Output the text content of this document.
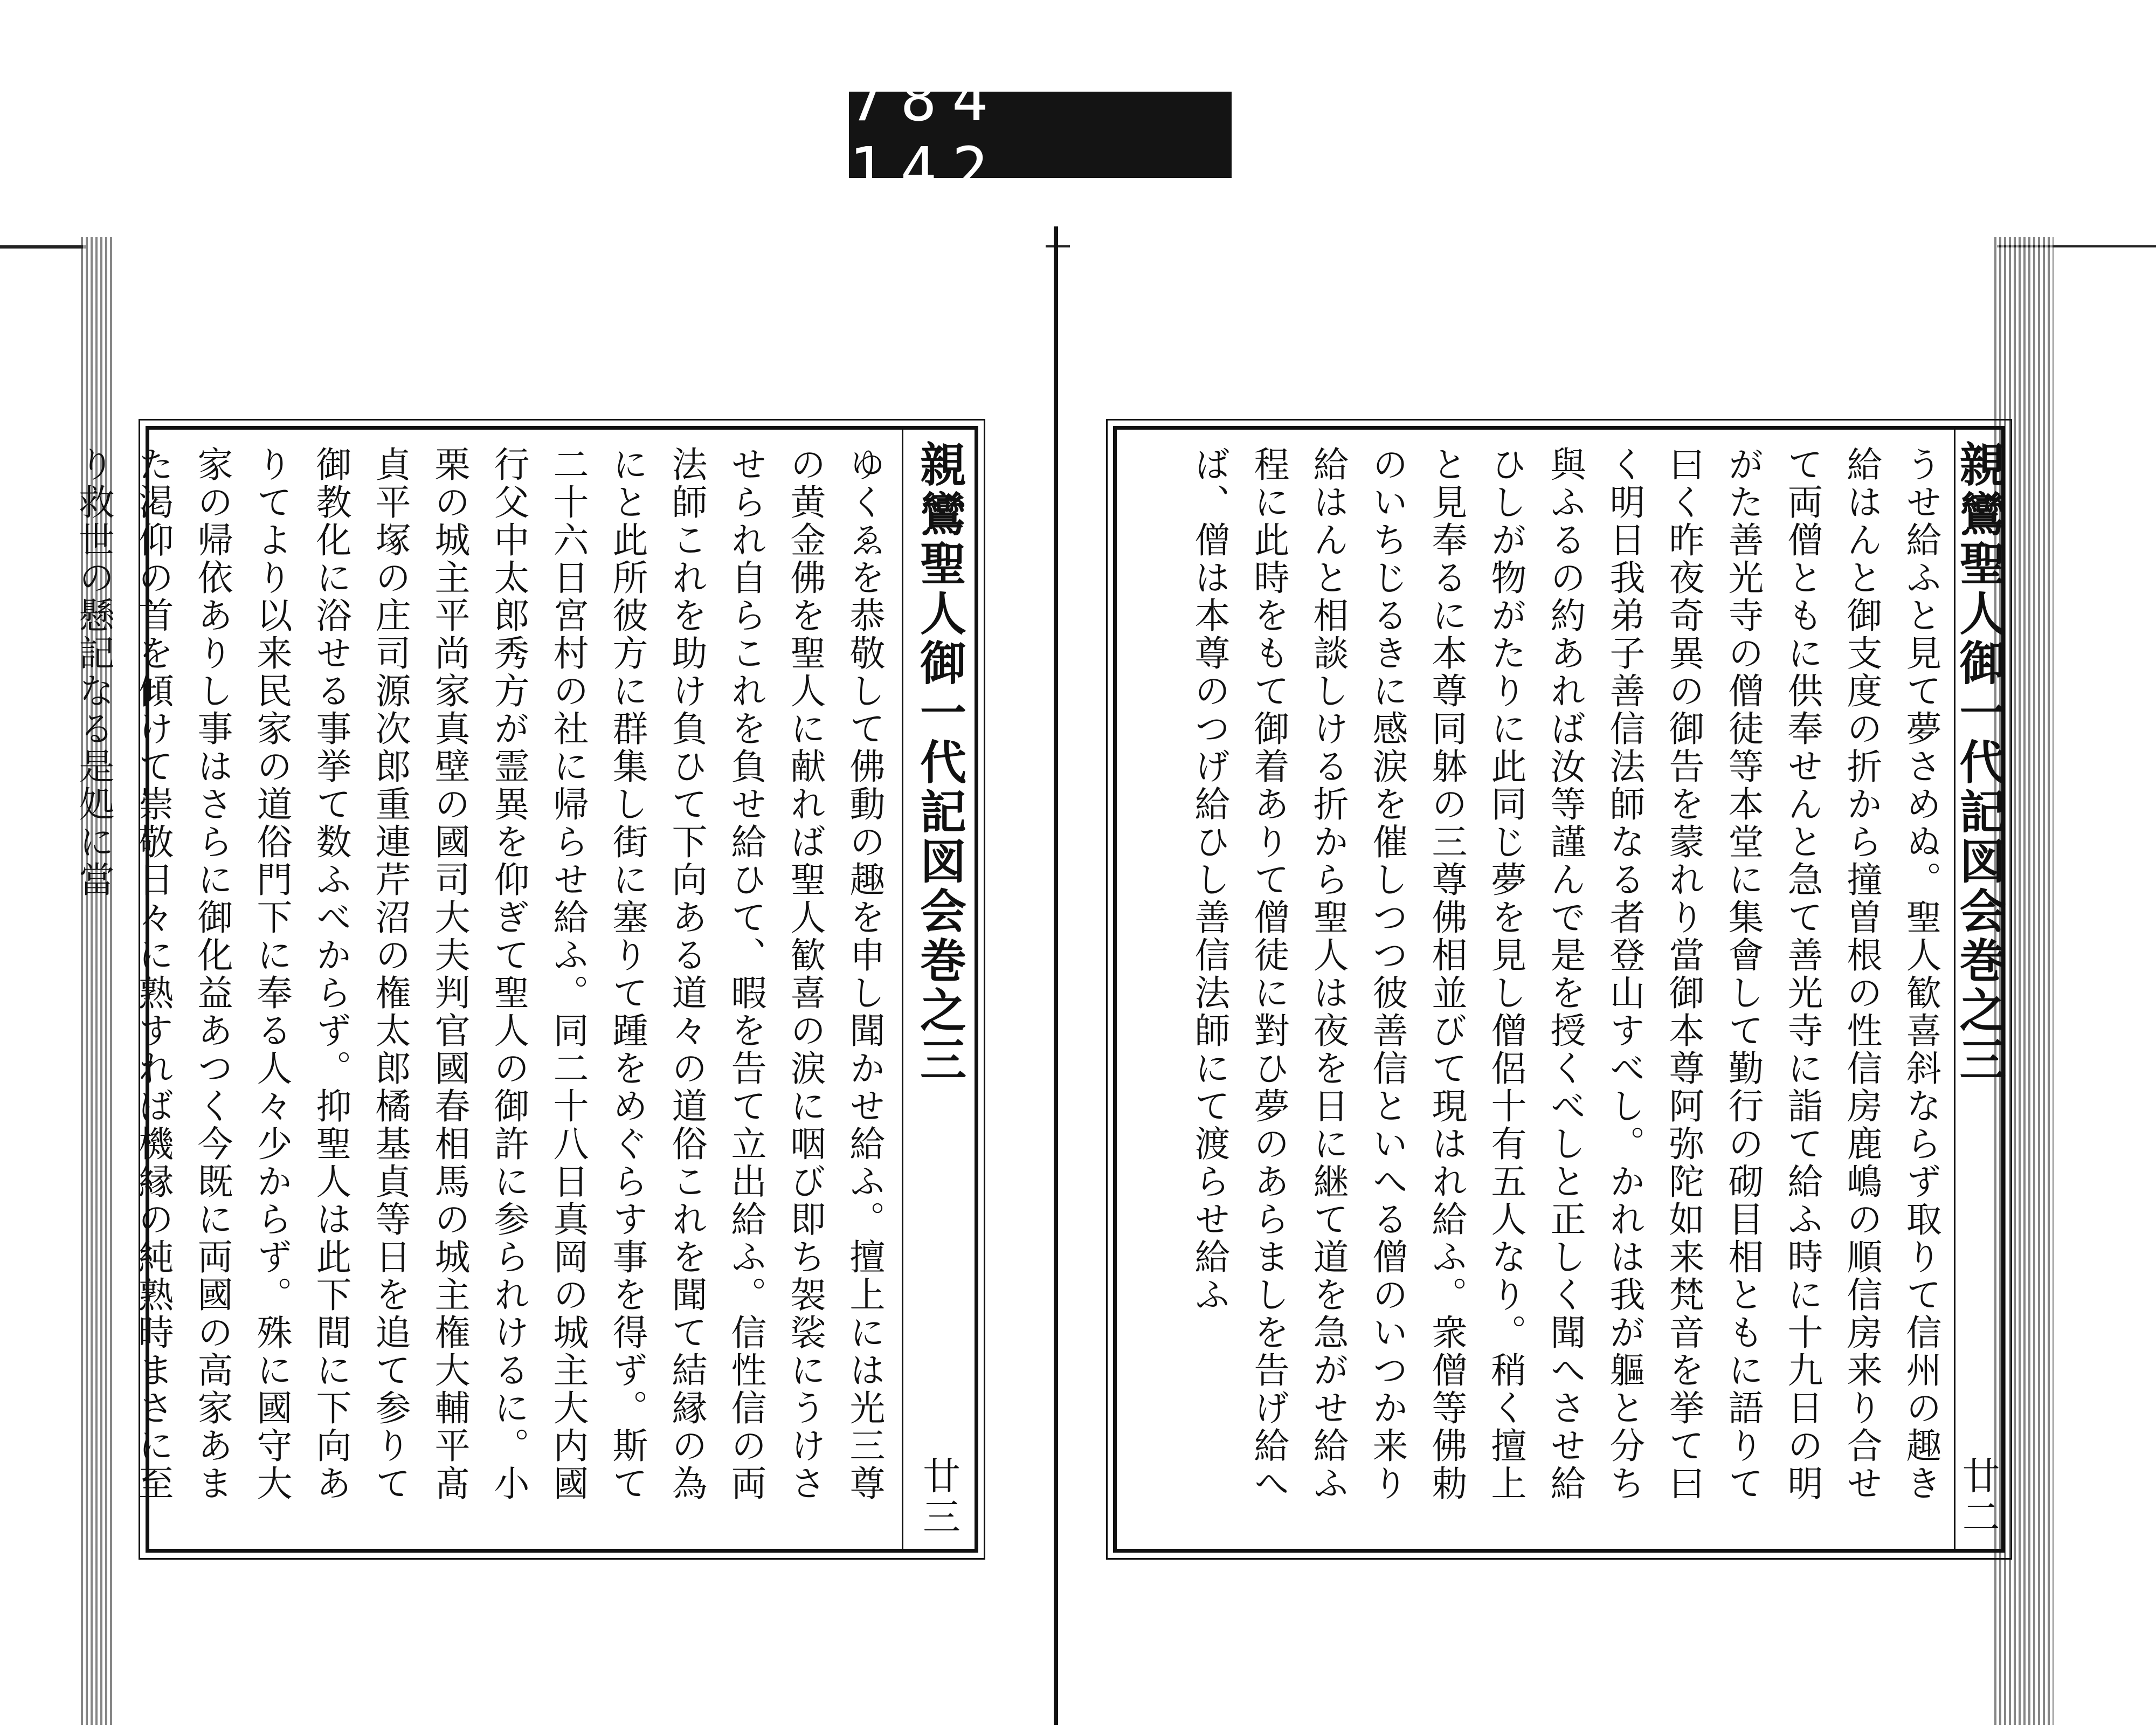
784 142.
親鸞聖人御一代記図会巻之三
廿三
ゆくゑを恭敬して佛動の趣を申し聞かせ給ふ。擅上には光三尊の黄金佛を聖人に献れば聖人歓喜の涙に咽び即ち袈裟にうけさせられ自らこれを負せ給ひて、暇を告て立出給ふ。信性信の両法師これを助け負ひて下向ある道々の道俗これを聞て結縁の為にと此所彼方に群集し街に塞りて踵をめぐらす事を得ず。斯て二十六日宮村の社に帰らせ給ふ。同二十八日真岡の城主大内國行父中太郎秀方が霊異を仰ぎて聖人の御許に参られけるに。小栗の城主平尚家真壁の國司大夫判官國春相馬の城主権大輔平髙貞平塚の庄司源次郎重連芹沼の権太郎橘基貞等日を追て参りて御教化に浴せる事挙て数ふべからず。抑聖人は此下間に下向ありてより以来民家の道俗門下に奉る人々少からず。殊に國守大家の帰依ありし事はさらに御化益あつく今既に両國の高家あまた渇仰の首を傾けて崇敬日々に熟すれば機縁の純熟時まさに至り救世の懸記なる是処に當	親鸞聖人御一代記図会巻之三
廿二
うせ給ふと見て夢さめぬ。聖人歓喜斜ならず取りて信州の趣き給はんと御支度の折から撞曽根の性信房鹿嶋の順信房来り合せて両僧ともに供奉せんと急て善光寺に詣て給ふ時に十九日の明がた善光寺の僧徒等本堂に集會して勤行の砌目相ともに語りて曰く昨夜奇異の御告を蒙れり當御本尊阿弥陀如来梵音を挙て曰く明日我弟子善信法師なる者登山すべし。かれは我が軀と分ち與ふるの約あれば汝等謹んで是を授くべしと正しく聞へさせ給ひしが物がたりに此同じ夢を見し僧侶十有五人なり。稍く擅上と見奉るに本尊同躰の三尊佛相並びて現はれ給ふ。衆僧等佛勅のいちじるきに感涙を催しつつ彼善信といへる僧のいつか来り給はんと相談しける折から聖人は夜を日に継て道を急がせ給ふ程に此時をもて御着ありて僧徒に對ひ夢のあらましを告げ給へば、僧は本尊のつげ給ひし善信法師にて渡らせ給ふ
